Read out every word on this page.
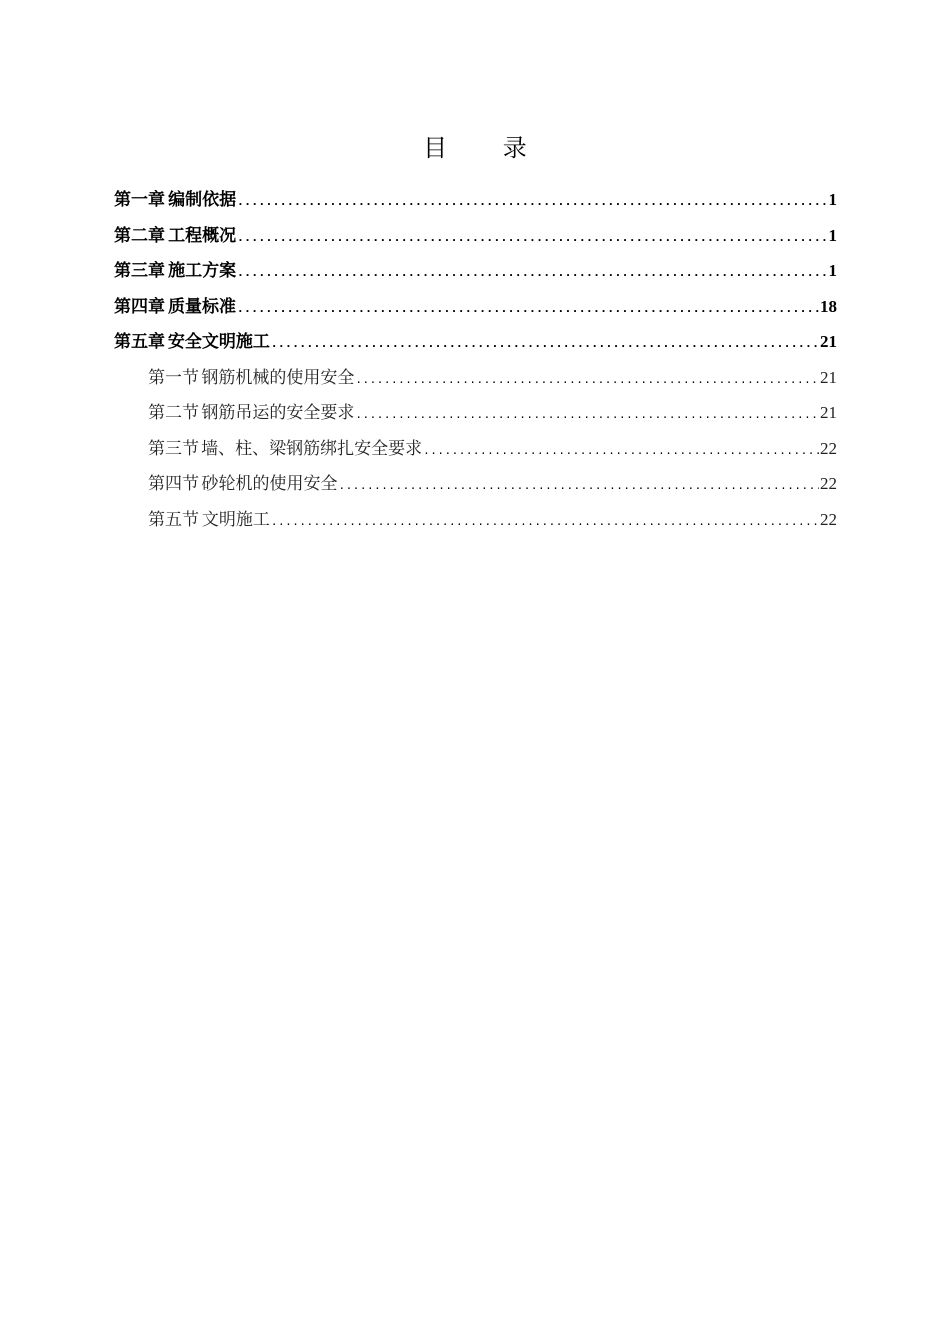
目 录
第一章 编制依据 .....	1
第二章 工程概况 .....	1
第三章 施工方案 .....	1
第四章 质量标准 .....	18
第五章 安全文明施工 .....	21
第一节 钢筋机械的使用安全 .....	21
第二节 钢筋吊运的安全要求 .....	21
第三节 墙、柱、梁钢筋绑扎安全要求 .....	22
第四节 砂轮机的使用安全 .....	22
第五节 文明施工 .....	22
